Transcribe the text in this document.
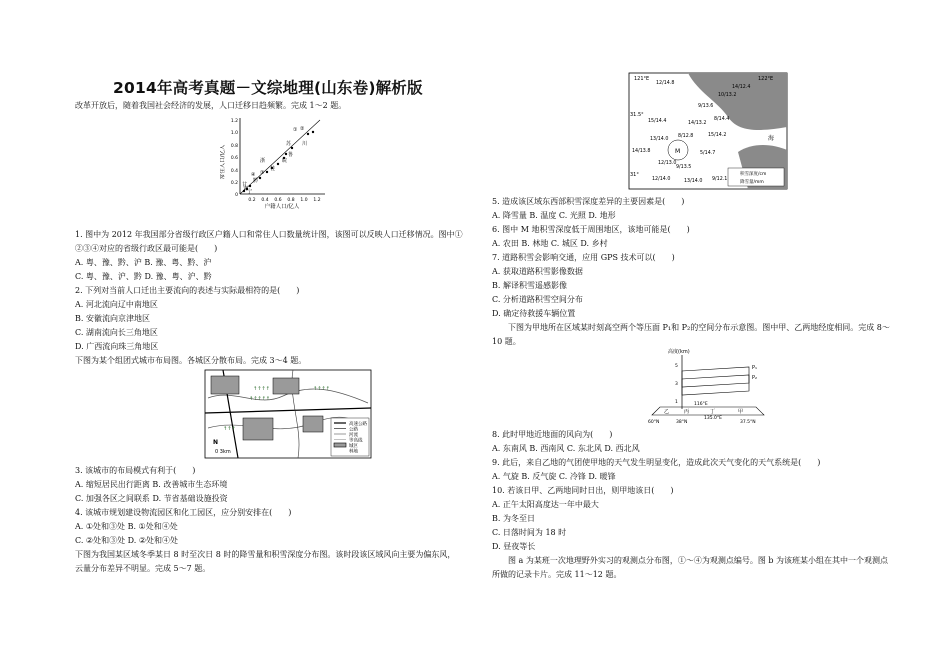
2014年高考真题－文综地理(山东卷)解析版
改革开放后，随着我国社会经济的发展，人口迁移日趋频繁。完成 1～2 题。
常住人口/亿人
户籍人口/亿人
1.2
1.0
0.8
0.6
0.4
0.2
0
0.2 0.4 0.6 0.8 1.0 1.2
苏 川
鲁
皖
浙
桂
① ②
③
④
黔
甘
宁
青
1. 图中为 2012 年我国部分省级行政区户籍人口和常住人口数量统计图，该图可以反映人口迁移情况。图中①
②③④对应的省级行政区最可能是(　　)
A. 粤、豫、黔、沪 B. 豫、粤、黔、沪
C. 粤、豫、沪、黔 D. 豫、粤、沪、黔
2. 下列对当前人口迁出主要流向的表述与实际最相符的是(　　)
A. 河北流向辽中南地区
B. 安徽流向京津地区
C. 湖南流向长三角地区
D. 广西流向珠三角地区
下图为某个组团式城市布局图。各城区分散布局。完成 3～4 题。
↑↑↑↑
↑↑↑↑↑
↑↑↑
↑↑↑↑
0 3km
N
高速公路
公路
河流
等高线
城区
林地
3. 该城市的布局模式有利于(　　)
A. 缩短居民出行距离 B. 改善城市生态环境
C. 加强各区之间联系 D. 节省基础设施投资
4. 该城市规划建设物流园区和化工园区，应分别安排在(　　)
A. ①处和③处 B. ①处和④处
C. ②处和③处 D. ②处和④处
下图为我国某区域冬季某日 8 时至次日 8 时的降雪量和积雪深度分布图。该时段该区域风向主要为偏东风，
云量分布差异不明显。完成 5～7 题。
121°E	122°E
31.5°
31°
海
M
12/14.8
15/14.4
13/14.0
14/13.2
12/13.0
9/13.5
5/14.7
8/12.8
9/13.6
10/13.2
14/12.4
12/14.0
15/14.2
8/14.4
14/13.8
13/14.0 9/12.1
积雪深度/cm
降雪量/mm
5. 造成该区域东西部积雪深度差异的主要因素是(　　)
A. 降雪量 B. 温度 C. 光照 D. 地形
6. 图中 M 地积雪深度低于周围地区，该地可能是(　　)
A. 农田 B. 林地 C. 城区 D. 乡村
7. 道路积雪会影响交通，应用 GPS 技术可以(　　)
A. 获取道路积雪影像数据
B. 解译积雪遥感影像
C. 分析道路积雪空间分布
D. 确定待救援车辆位置
下图为甲地所在区域某时刻高空两个等压面 P₁和 P₂的空间分布示意图。图中甲、乙两地经度相同。完成 8～
10 题。
高度(km)
5
3
1
P₁
P₂
116°E
乙	丙	丁	甲
60°N	38°N
135.0°E
37.5°N
8. 此时甲地近地面的风向为(　　)
A. 东南风 B. 西南风 C. 东北风 D. 西北风
9. 此后，来自乙地的气团使甲地的天气发生明显变化，造成此次天气变化的天气系统是(　　)
A. 气旋 B. 反气旋 C. 冷锋 D. 暖锋
10. 若该日甲、乙两地同时日出，则甲地该日(　　)
A. 正午太阳高度达一年中最大
B. 为冬至日
C. 日落时间为 18 时
D. 昼夜等长
图 a 为某班一次地理野外实习的观测点分布图，①～④为观测点编号。图 b 为该班某小组在其中一个观测点
所做的记录卡片。完成 11～12 题。
